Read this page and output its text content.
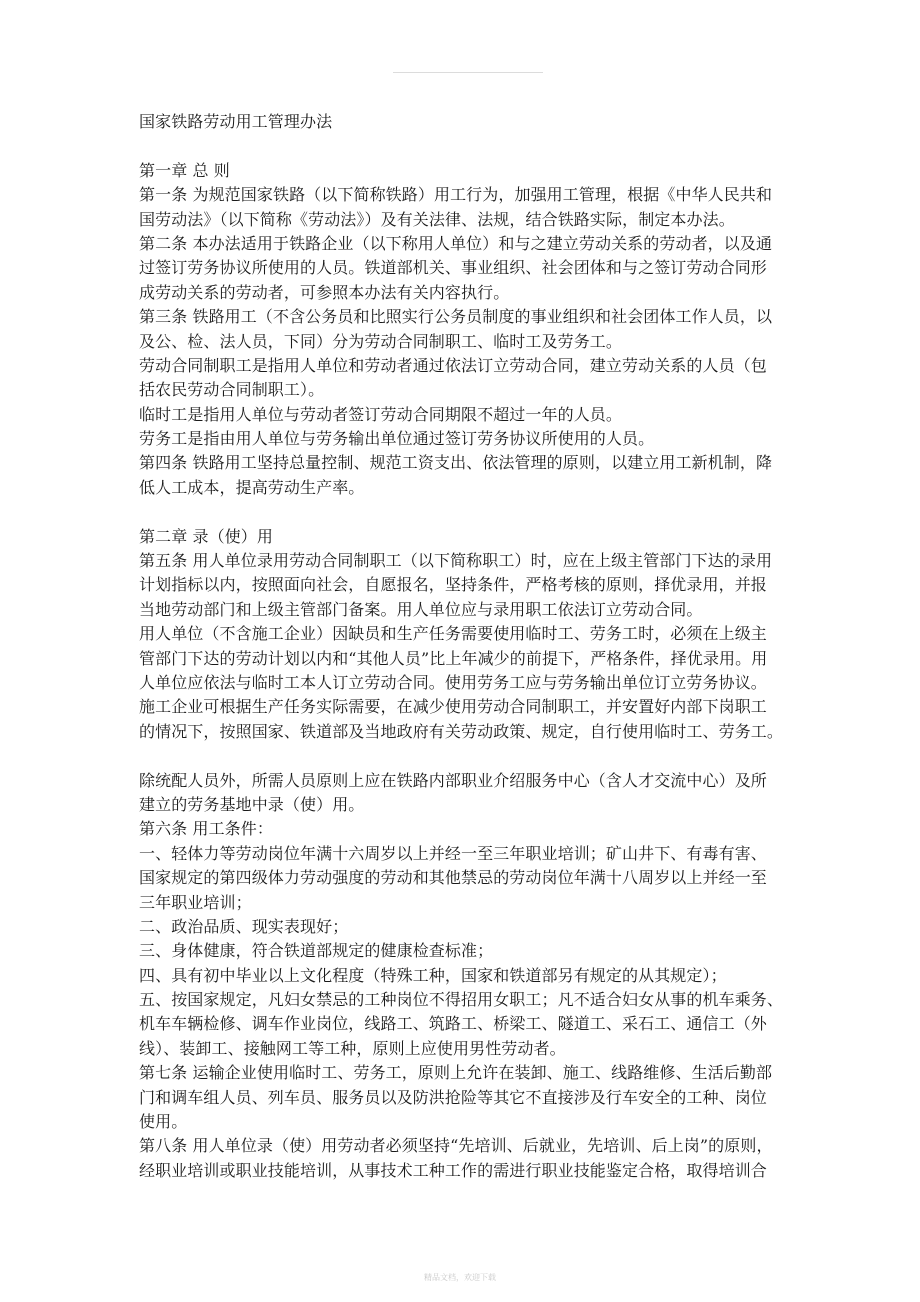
国家铁路劳动用工管理办法
第一章 总 则
第一条 为规范国家铁路（以下简称铁路）用工行为，加强用工管理，根据《中华人民共和
国劳动法》（以下简称《劳动法》）及有关法律、法规，结合铁路实际，制定本办法。
第二条 本办法适用于铁路企业（以下称用人单位）和与之建立劳动关系的劳动者，以及通
过签订劳务协议所使用的人员。铁道部机关、事业组织、社会团体和与之签订劳动合同形
成劳动关系的劳动者，可参照本办法有关内容执行。
第三条 铁路用工（不含公务员和比照实行公务员制度的事业组织和社会团体工作人员，以
及公、检、法人员，下同）分为劳动合同制职工、临时工及劳务工。
劳动合同制职工是指用人单位和劳动者通过依法订立劳动合同，建立劳动关系的人员（包
括农民劳动合同制职工）。
临时工是指用人单位与劳动者签订劳动合同期限不超过一年的人员。
劳务工是指由用人单位与劳务输出单位通过签订劳务协议所使用的人员。
第四条 铁路用工坚持总量控制、规范工资支出、依法管理的原则，以建立用工新机制，降
低人工成本，提高劳动生产率。
第二章 录（使）用
第五条 用人单位录用劳动合同制职工（以下简称职工）时，应在上级主管部门下达的录用
计划指标以内，按照面向社会，自愿报名，坚持条件，严格考核的原则，择优录用，并报
当地劳动部门和上级主管部门备案。用人单位应与录用职工依法订立劳动合同。
用人单位（不含施工企业）因缺员和生产任务需要使用临时工、劳务工时，必须在上级主
管部门下达的劳动计划以内和“其他人员”比上年减少的前提下，严格条件，择优录用。用
人单位应依法与临时工本人订立劳动合同。使用劳务工应与劳务输出单位订立劳务协议。
施工企业可根据生产任务实际需要，在减少使用劳动合同制职工，并安置好内部下岗职工
的情况下，按照国家、铁道部及当地政府有关劳动政策、规定，自行使用临时工、劳务工。
除统配人员外，所需人员原则上应在铁路内部职业介绍服务中心（含人才交流中心）及所
建立的劳务基地中录（使）用。
第六条 用工条件：
一、轻体力等劳动岗位年满十六周岁以上并经一至三年职业培训；矿山井下、有毒有害、
国家规定的第四级体力劳动强度的劳动和其他禁忌的劳动岗位年满十八周岁以上并经一至
三年职业培训；
二、政治品质、现实表现好；
三、身体健康，符合铁道部规定的健康检查标准；
四、具有初中毕业以上文化程度（特殊工种，国家和铁道部另有规定的从其规定）；
五、按国家规定，凡妇女禁忌的工种岗位不得招用女职工；凡不适合妇女从事的机车乘务、
机车车辆检修、调车作业岗位，线路工、筑路工、桥梁工、隧道工、采石工、通信工（外
线）、装卸工、接触网工等工种，原则上应使用男性劳动者。
第七条 运输企业使用临时工、劳务工，原则上允许在装卸、施工、线路维修、生活后勤部
门和调车组人员、列车员、服务员以及防洪抢险等其它不直接涉及行车安全的工种、岗位
使用。
第八条 用人单位录（使）用劳动者必须坚持“先培训、后就业，先培训、后上岗”的原则，
经职业培训或职业技能培训，从事技术工种工作的需进行职业技能鉴定合格，取得培训合
精品文档，欢迎下载
